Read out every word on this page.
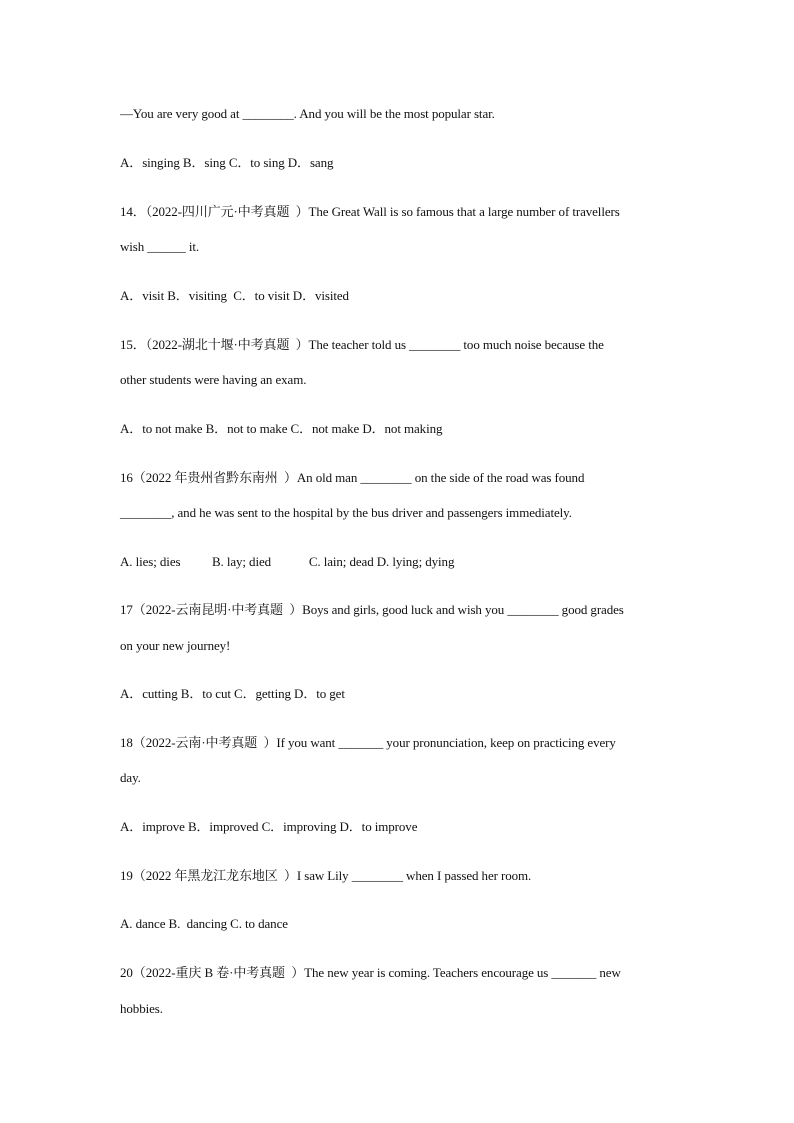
—You are very good at ________. And you will be the most popular star.
A．singing B．sing C．to sing D．sang
14．（2022-四川广元·中考真题  ）The Great Wall is so famous that a large number of travellers
wish ______ it.
A．visit B．visiting  C．to visit D．visited
15．（2022-湖北十堰·中考真题  ）The teacher told us ________ too much noise because the
other students were having an exam.
A．to not make B．not to make C．not make D．not making
16（2022 年贵州省黔东南州  ）An old man ________ on the side of the road was found
________, and he was sent to the hospital by the bus driver and passengers immediately.
A. lies; dies          B. lay; died            C. lain; dead D. lying; dying
17（2022-云南昆明·中考真题  ）Boys and girls, good luck and wish you ________ good grades
on your new journey!
A．cutting B．to cut C．getting D．to get
18（2022-云南·中考真题  ）If you want _______ your pronunciation, keep on practicing every
day.
A．improve B．improved C．improving D．to improve
19（2022 年黑龙江龙东地区  ）I saw Lily ________ when I passed her room.
A. dance B.  dancing C. to dance
20（2022-重庆 B 卷·中考真题  ）The new year is coming. Teachers encourage us _______ new
hobbies.
